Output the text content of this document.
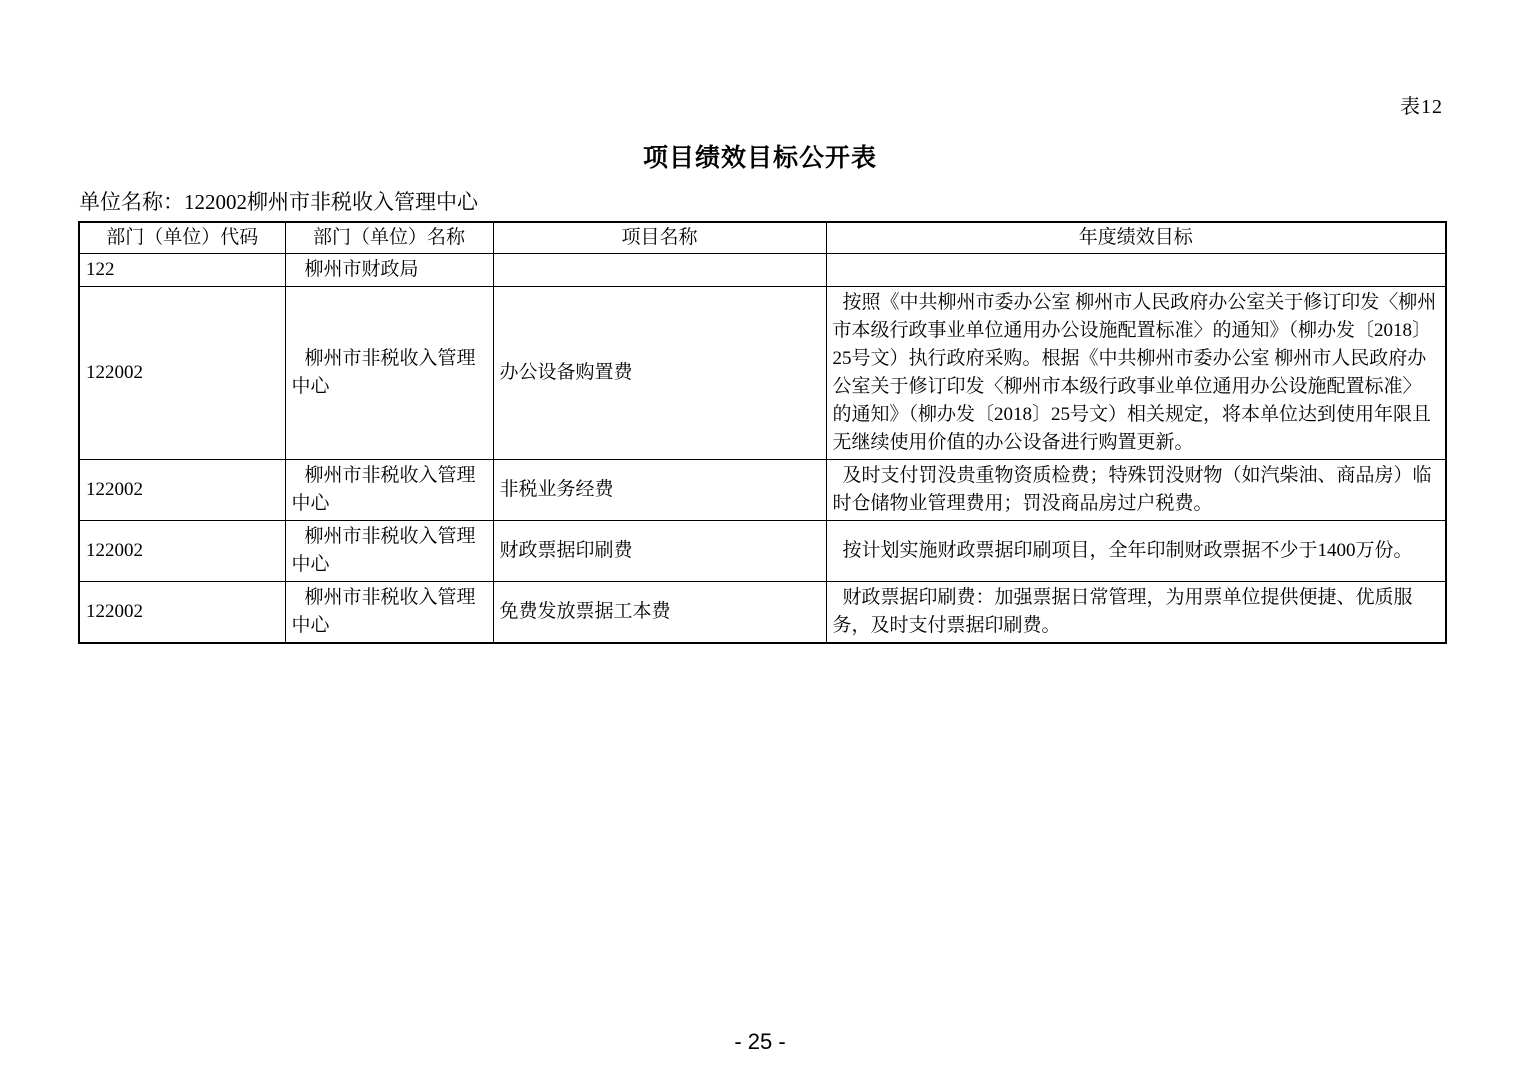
表12
项目绩效目标公开表
单位名称：122002柳州市非税收入管理中心
部门（单位）代码	部门（单位）名称	项目名称	年度绩效目标
122	柳州市财政局		
122002	柳州市非税收入管理中心	办公设备购置费	按照《中共柳州市委办公室 柳州市人民政府办公室关于修订印发〈柳州市本级行政事业单位通用办公设施配置标准〉的通知》（柳办发〔2018〕25号文）执行政府采购。根据《中共柳州市委办公室 柳州市人民政府办公室关于修订印发〈柳州市本级行政事业单位通用办公设施配置标准〉的通知》（柳办发〔2018〕25号文）相关规定，将本单位达到使用年限且无继续使用价值的办公设备进行购置更新。
122002	柳州市非税收入管理中心	非税业务经费	及时支付罚没贵重物资质检费；特殊罚没财物（如汽柴油、商品房）临时仓储物业管理费用；罚没商品房过户税费。
122002	柳州市非税收入管理中心	财政票据印刷费	按计划实施财政票据印刷项目，全年印制财政票据不少于1400万份。
122002	柳州市非税收入管理中心	免费发放票据工本费	财政票据印刷费：加强票据日常管理，为用票单位提供便捷、优质服务，及时支付票据印刷费。
- 25 -
